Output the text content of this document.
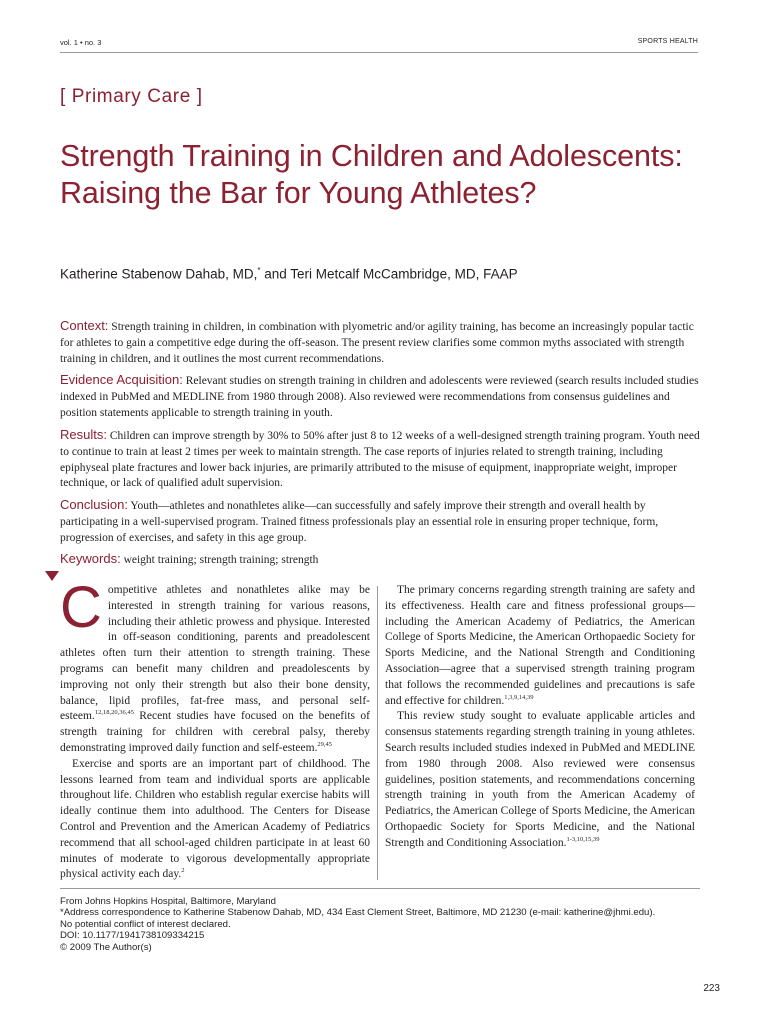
vol. 1 • no. 3	SPORTS HEALTH
[ Primary Care ]
Strength Training in Children and Adolescents: Raising the Bar for Young Athletes?
Katherine Stabenow Dahab, MD,* and Teri Metcalf McCambridge, MD, FAAP

Context: Strength training in children, in combination with plyometric and/or agility training, has become an increasingly popular tactic for athletes to gain a competitive edge during the off-season. The present review clarifies some common myths associated with strength training in children, and it outlines the most current recommendations.

Evidence Acquisition: Relevant studies on strength training in children and adolescents were reviewed (search results included studies indexed in PubMed and MEDLINE from 1980 through 2008). Also reviewed were recommendations from consensus guidelines and position statements applicable to strength training in youth.

Results: Children can improve strength by 30% to 50% after just 8 to 12 weeks of a well-designed strength training program. Youth need to continue to train at least 2 times per week to maintain strength. The case reports of injuries related to strength training, including epiphyseal plate fractures and lower back injuries, are primarily attributed to the misuse of equipment, inappropriate weight, improper technique, or lack of qualified adult supervision.

Conclusion: Youth—athletes and nonathletes alike—can successfully and safely improve their strength and overall health by participating in a well-supervised program. Trained fitness professionals play an essential role in ensuring proper technique, form, progression of exercises, and safety in this age group.

Keywords: weight training; strength training; strength

Competitive athletes and nonathletes alike may be interested in strength training for various reasons, including their athletic prowess and physique. Interested in off-season conditioning, parents and preadolescent athletes often turn their attention to strength training. These programs can benefit many children and preadolescents by improving not only their strength but also their bone density, balance, lipid profiles, fat-free mass, and personal self-esteem.$^{12,18,20,36,45}$ Recent studies have focused on the benefits of strength training for children with cerebral palsy, thereby demonstrating improved daily function and self-esteem.$^{29,45}$

Exercise and sports are an important part of childhood. The lessons learned from team and individual sports are applicable throughout life. Children who establish regular exercise habits will ideally continue them into adulthood. The Centers for Disease Control and Prevention and the American Academy of Pediatrics recommend that all school-aged children participate in at least 60 minutes of moderate to vigorous developmentally appropriate physical activity each day.$^2$

The primary concerns regarding strength training are safety and its effectiveness. Health care and fitness professional groups—including the American Academy of Pediatrics, the American College of Sports Medicine, the American Orthopaedic Society for Sports Medicine, and the National Strength and Conditioning Association—agree that a supervised strength training program that follows the recommended guidelines and precautions is safe and effective for children.$^{1,3,9,14,39}$

This review study sought to evaluate applicable articles and consensus statements regarding strength training in young athletes. Search results included studies indexed in PubMed and MEDLINE from 1980 through 2008. Also reviewed were consensus guidelines, position statements, and recommendations concerning strength training in youth from the American Academy of Pediatrics, the American College of Sports Medicine, the American Orthopaedic Society for Sports Medicine, and the National Strength and Conditioning Association.$^{1-3,10,15,39}$

From Johns Hopkins Hospital, Baltimore, Maryland
*Address correspondence to Katherine Stabenow Dahab, MD, 434 East Clement Street, Baltimore, MD 21230 (e-mail: katherine@jhmi.edu).
No potential conflict of interest declared.
DOI: 10.1177/1941738109334215
© 2009 The Author(s)
223
